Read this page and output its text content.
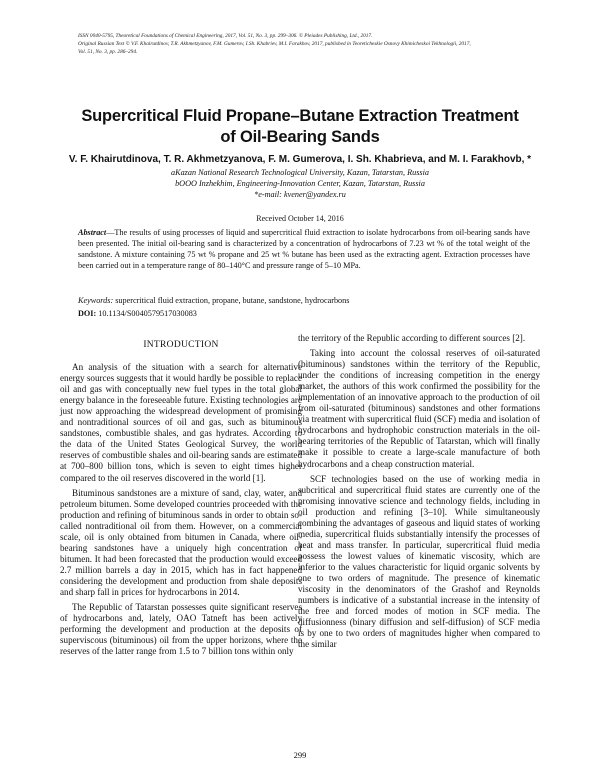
ISSN 0040-5795, Theoretical Foundations of Chemical Engineering, 2017, Vol. 51, No. 3, pp. 299–306. © Pleiades Publishing, Ltd., 2017.
Original Russian Text © V.F. Khairutdinov, T.R. Akhmetzyanov, F.M. Gumerov, I.Sh. Khabriev, M.I. Farakhov, 2017, published in Teoreticheskie Osnovy Khimicheskoi Tekhnologii, 2017,
Vol. 51, No. 3, pp. 286–294.
Supercritical Fluid Propane–Butane Extraction Treatment
of Oil-Bearing Sands
V. F. Khairutdinova, T. R. Akhmetzyanova, F. M. Gumerova, I. Sh. Khabrieva, and M. I. Farakhovb, *
aKazan National Research Technological University, Kazan, Tatarstan, Russia
bOOO Inzhekhim, Engineering-Innovation Center, Kazan, Tatarstan, Russia
*e-mail: kvener@yandex.ru
Received October 14, 2016
Abstract—The results of using processes of liquid and supercritical fluid extraction to isolate hydrocarbons from oil-bearing sands have been presented. The initial oil-bearing sand is characterized by a concentration of hydrocarbons of 7.23 wt % of the total weight of the sandstone. A mixture containing 75 wt % propane and 25 wt % butane has been used as the extracting agent. Extraction processes have been carried out in a temperature range of 80–140°C and pressure range of 5–10 MPa.
Keywords: supercritical fluid extraction, propane, butane, sandstone, hydrocarbons
DOI: 10.1134/S0040579517030083
INTRODUCTION

An analysis of the situation with a search for alternative energy sources suggests that it would hardly be possible to replace oil and gas with conceptually new fuel types in the total global energy balance in the foreseeable future. Existing technologies are just now approaching the widespread development of promising and nontraditional sources of oil and gas, such as bituminous sandstones, combustible shales, and gas hydrates. According to the data of the United States Geological Survey, the world reserves of combustible shales and oil-bearing sands are estimated at 700–800 billion tons, which is seven to eight times higher compared to the oil reserves discovered in the world [1].

Bituminous sandstones are a mixture of sand, clay, water, and petroleum bitumen. Some developed countries proceeded with the production and refining of bituminous sands in order to obtain so-called nontraditional oil from them. However, on a commercial scale, oil is only obtained from bitumen in Canada, where oil-bearing sandstones have a uniquely high concentration of bitumen. It had been forecasted that the production would exceed 2.7 million barrels a day in 2015, which has in fact happened considering the development and production from shale deposits and sharp fall in prices for hydrocarbons in 2014.

The Republic of Tatarstan possesses quite significant reserves of hydrocarbons and, lately, OAO Tatneft has been actively performing the development and production at the deposits of superviscous (bituminous) oil from the upper horizons, where the reserves of the latter range from 1.5 to 7 billion tons within only

the territory of the Republic according to different sources [2].

Taking into account the colossal reserves of oil-saturated (bituminous) sandstones within the territory of the Republic, under the conditions of increasing competition in the energy market, the authors of this work confirmed the possibility for the implementation of an innovative approach to the production of oil from oil-saturated (bituminous) sandstones and other formations via treatment with supercritical fluid (SCF) media and isolation of hydrocarbons and hydrophobic construction materials in the oil-bearing territories of the Republic of Tatarstan, which will finally make it possible to create a large-scale manufacture of both hydrocarbons and a cheap construction material.

SCF technologies based on the use of working media in subcritical and supercritical fluid states are currently one of the promising innovative science and technology fields, including in oil production and refining [3–10]. While simultaneously combining the advantages of gaseous and liquid states of working media, supercritical fluids substantially intensify the processes of heat and mass transfer. In particular, supercritical fluid media possess the lowest values of kinematic viscosity, which are inferior to the values characteristic for liquid organic solvents by one to two orders of magnitude. The presence of kinematic viscosity in the denominators of the Grashof and Reynolds numbers is indicative of a substantial increase in the intensity of the free and forced modes of motion in SCF media. The diffusionness (binary diffusion and self-diffusion) of SCF media is by one to two orders of magnitudes higher when compared to the similar

299
